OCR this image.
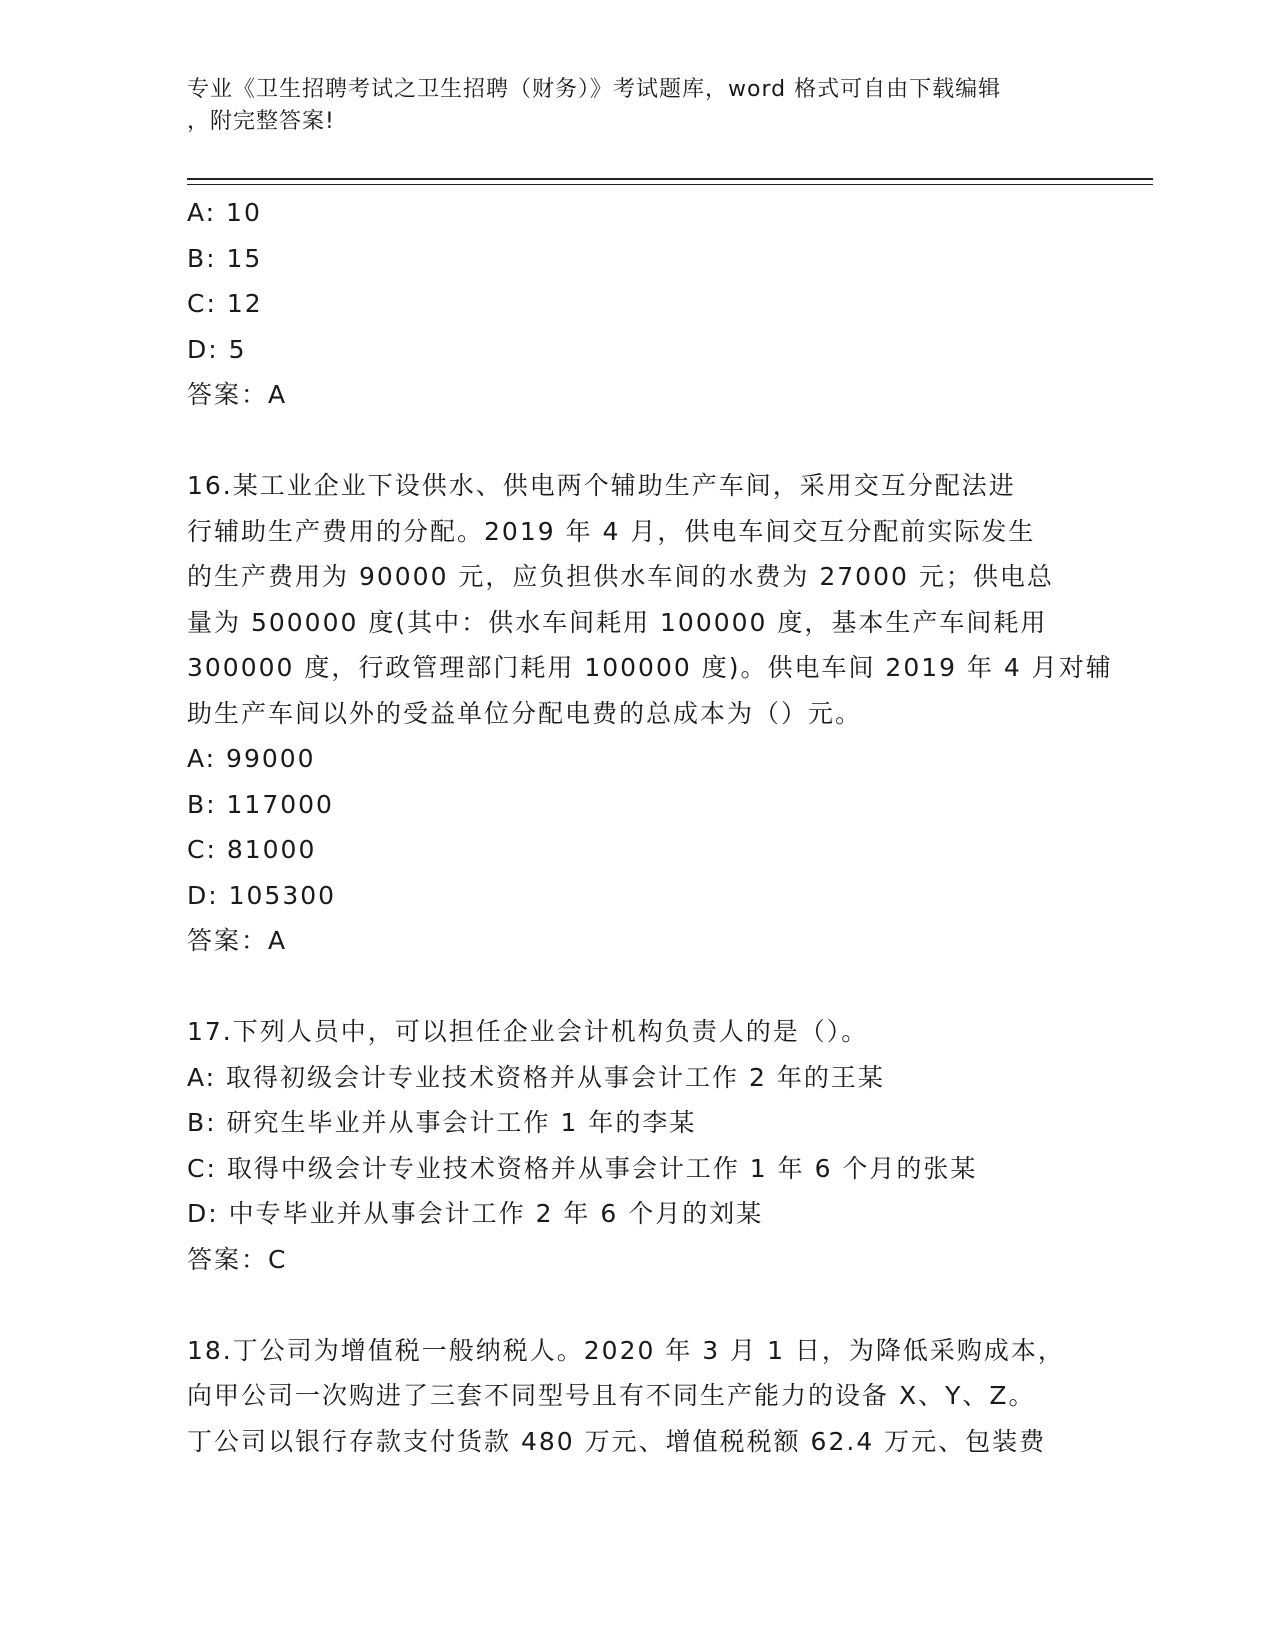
专业《卫生招聘考试之卫生招聘（财务）》考试题库，word 格式可自由下载编辑
，附完整答案!
A: 10
B: 15
C: 12
D: 5
答案：A
16.某工业企业下设供水、供电两个辅助生产车间，采用交互分配法进
行辅助生产费用的分配。2019 年 4 月，供电车间交互分配前实际发生
的生产费用为 90000 元，应负担供水车间的水费为 27000 元；供电总
量为 500000 度(其中：供水车间耗用 100000 度，基本生产车间耗用
300000 度，行政管理部门耗用 100000 度)。供电车间 2019 年 4 月对辅
助生产车间以外的受益单位分配电费的总成本为（）元。
A: 99000
B: 117000
C: 81000
D: 105300
答案：A
17.下列人员中，可以担任企业会计机构负责人的是（）。
A: 取得初级会计专业技术资格并从事会计工作 2 年的王某
B: 研究生毕业并从事会计工作 1 年的李某
C: 取得中级会计专业技术资格并从事会计工作 1 年 6 个月的张某
D: 中专毕业并从事会计工作 2 年 6 个月的刘某
答案：C
18.丁公司为增值税一般纳税人。2020 年 3 月 1 日，为降低采购成本，
向甲公司一次购进了三套不同型号且有不同生产能力的设备 X、Y、Z。
丁公司以银行存款支付货款 480 万元、增值税税额 62.4 万元、包装费
